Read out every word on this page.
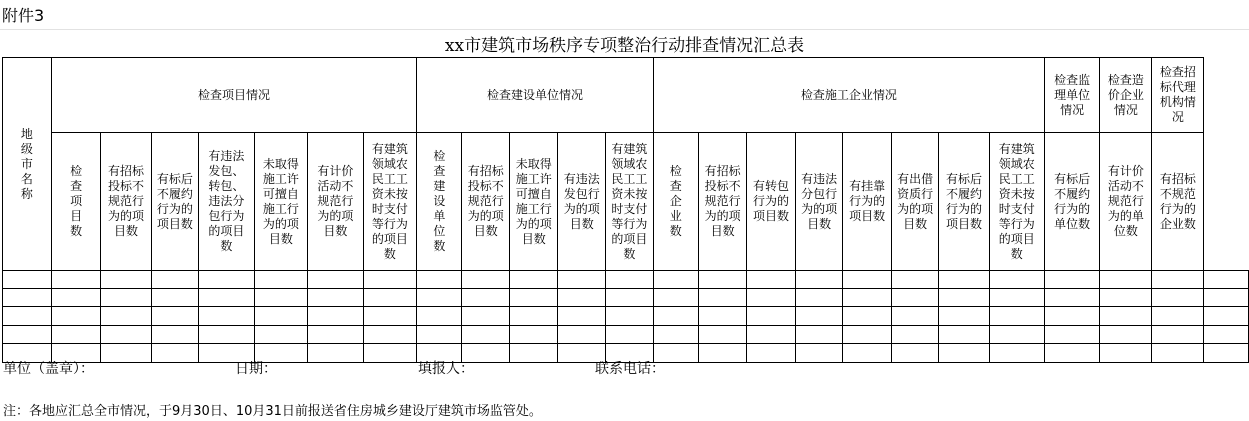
附件3
xx市建筑市场秩序专项整治行动排查情况汇总表
地级市名称	检查项目情况							检查建设单位情况					检查施工企业情况								检查监理单位情况	检查造价企业情况	检查招标代理机构情况	
	检查项目数	有招标投标不规范行为的项目数	有标后不履约行为的项目数	有违法发包、转包、违法分包行为的项目数	未取得施工许可擅自施工行为的项目数	有计价活动不规范行为的项目数	有建筑领域农民工工资未按时支付等行为的项目数	检查建设单位数	有招标投标不规范行为的项目数	未取得施工许可擅自施工行为的项目数	有违法发包行为的项目数	有建筑领域农民工工资未按时支付等行为的项目数	检查企业数	有招标投标不规范行为的项目数	有转包行为的项目数	有违法分包行为的项目数	有挂靠行为的项目数	有出借资质行为的项目数	有标后不履约行为的项目数	有建筑领域农民工工资未按时支付等行为的项目数	有标后不履约行为的单位数	有计价活动不规范行为的单位数	有招标不规范行为的企业数	

单位（盖章）：	日期：	填报人：	联系电话：
注：各地应汇总全市情况，于9月30日、10月31日前报送省住房城乡建设厅建筑市场监管处。
